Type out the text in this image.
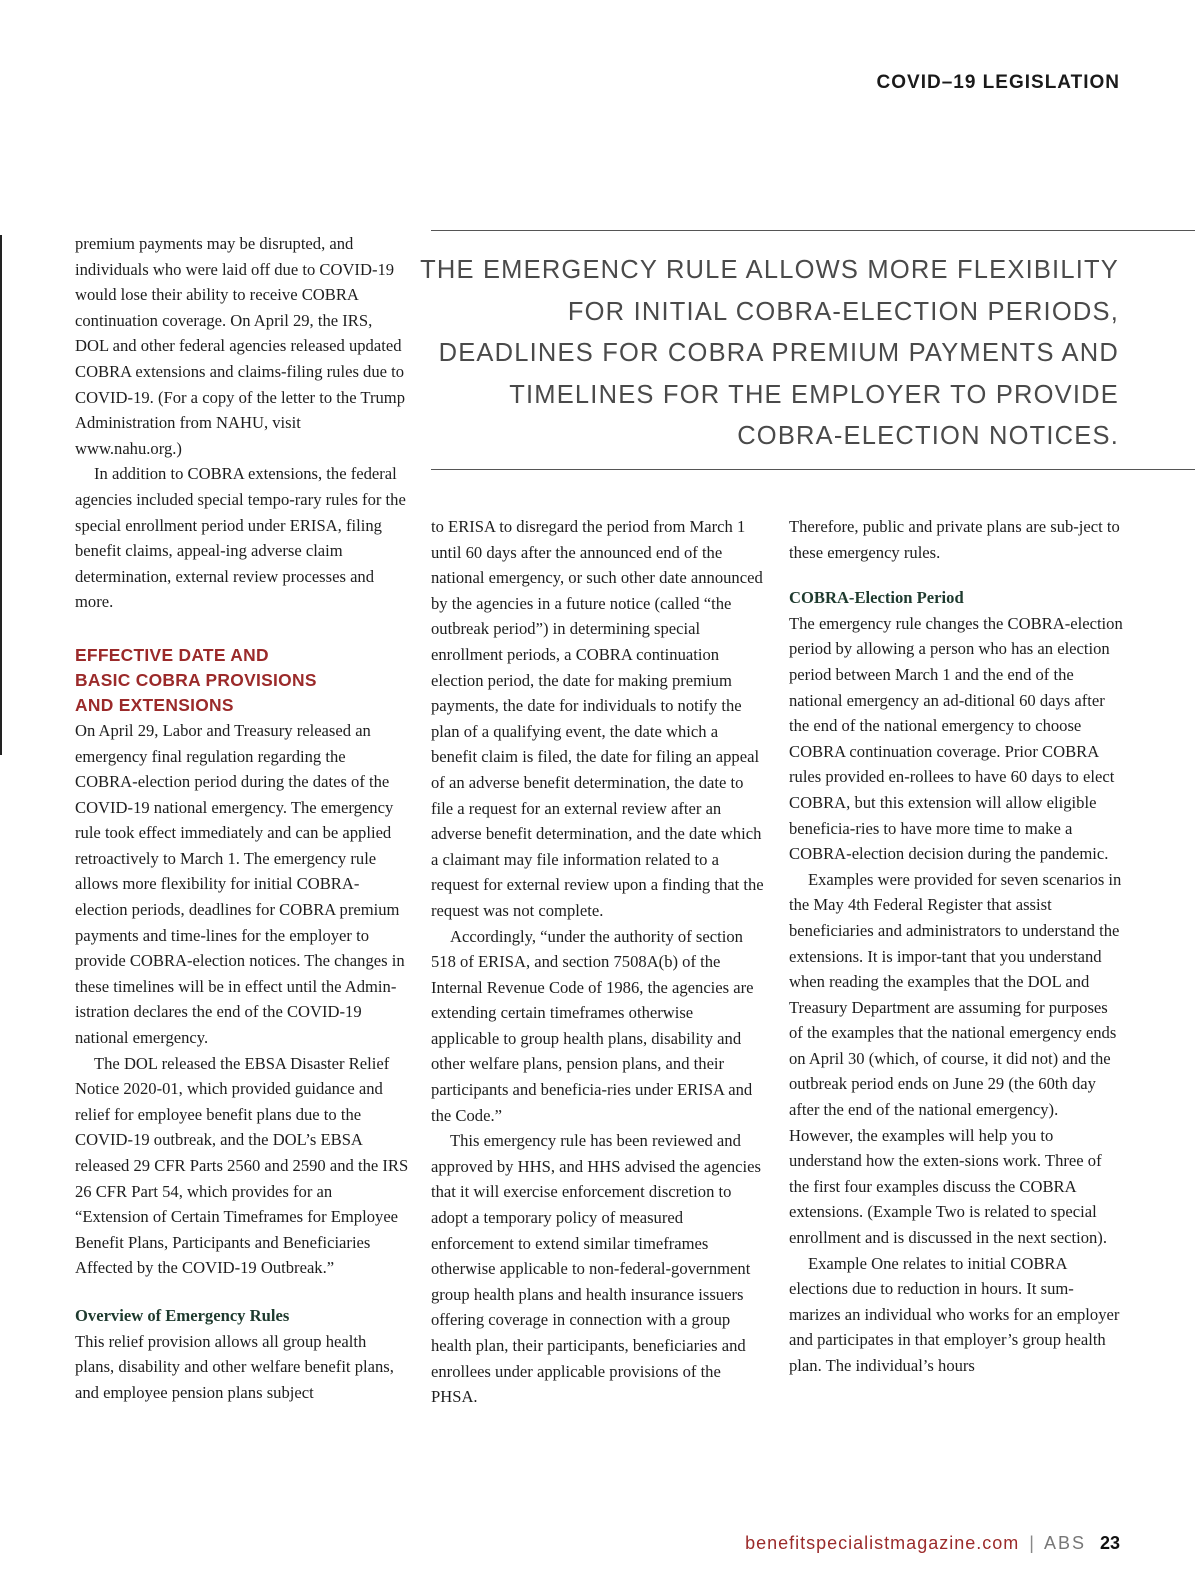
COVID–19 LEGISLATION

THE EMERGENCY RULE ALLOWS MORE FLEXIBILITY FOR INITIAL COBRA-ELECTION PERIODS, DEADLINES FOR COBRA PREMIUM PAYMENTS AND TIMELINES FOR THE EMPLOYER TO PROVIDE COBRA-ELECTION NOTICES.

premium payments may be disrupted, and individuals who were laid off due to COVID-19 would lose their ability to receive COBRA continuation coverage. On April 29, the IRS, DOL and other federal agencies released updated COBRA extensions and claims-filing rules due to COVID-19. (For a copy of the letter to the Trump Administration from NAHU, visit www.nahu.org.)

In addition to COBRA extensions, the federal agencies included special tempo-rary rules for the special enrollment period under ERISA, filing benefit claims, appeal-ing adverse claim determination, external review processes and more.

EFFECTIVE DATE AND
BASIC COBRA PROVISIONS
AND EXTENSIONS

On April 29, Labor and Treasury released an emergency final regulation regarding the COBRA-election period during the dates of the COVID-19 national emergency. The emergency rule took effect immediately and can be applied retroactively to March 1. The emergency rule allows more flexibility for initial COBRA-election periods, deadlines for COBRA premium payments and time-lines for the employer to provide COBRA-election notices. The changes in these timelines will be in effect until the Admin-istration declares the end of the COVID-19 national emergency.

The DOL released the EBSA Disaster Relief Notice 2020-01, which provided guidance and relief for employee benefit plans due to the COVID-19 outbreak, and the DOL’s EBSA released 29 CFR Parts 2560 and 2590 and the IRS 26 CFR Part 54, which provides for an “Extension of Certain Timeframes for Employee Benefit Plans, Participants and Beneficiaries Affected by the COVID-19 Outbreak.”

Overview of Emergency Rules

This relief provision allows all group health plans, disability and other welfare benefit plans, and employee pension plans subject

to ERISA to disregard the period from March 1 until 60 days after the announced end of the national emergency, or such other date announced by the agencies in a future notice (called “the outbreak period”) in determining special enrollment periods, a COBRA continuation election period, the date for making premium payments, the date for individuals to notify the plan of a qualifying event, the date which a benefit claim is filed, the date for filing an appeal of an adverse benefit determination, the date to file a request for an external review after an adverse benefit determination, and the date which a claimant may file information related to a request for external review upon a finding that the request was not complete.

Accordingly, “under the authority of section 518 of ERISA, and section 7508A(b) of the Internal Revenue Code of 1986, the agencies are extending certain timeframes otherwise applicable to group health plans, disability and other welfare plans, pension plans, and their participants and beneficia-ries under ERISA and the Code.”

This emergency rule has been reviewed and approved by HHS, and HHS advised the agencies that it will exercise enforcement discretion to adopt a temporary policy of measured enforcement to extend similar timeframes otherwise applicable to non-federal-government group health plans and health insurance issuers offering coverage in connection with a group health plan, their participants, beneficiaries and enrollees under applicable provisions of the PHSA.

Therefore, public and private plans are sub-ject to these emergency rules.

COBRA-Election Period

The emergency rule changes the COBRA-election period by allowing a person who has an election period between March 1 and the end of the national emergency an ad-ditional 60 days after the end of the national emergency to choose COBRA continuation coverage. Prior COBRA rules provided en-rollees to have 60 days to elect COBRA, but this extension will allow eligible beneficia-ries to have more time to make a COBRA-election decision during the pandemic.

Examples were provided for seven scenarios in the May 4th Federal Register that assist beneficiaries and administrators to understand the extensions. It is impor-tant that you understand when reading the examples that the DOL and Treasury Department are assuming for purposes of the examples that the national emergency ends on April 30 (which, of course, it did not) and the outbreak period ends on June 29 (the 60th day after the end of the national emergency). However, the examples will help you to understand how the exten-sions work. Three of the first four examples discuss the COBRA extensions. (Example Two is related to special enrollment and is discussed in the next section).

Example One relates to initial COBRA elections due to reduction in hours. It sum-marizes an individual who works for an employer and participates in that employer’s group health plan. The individual’s hours

benefitspecialistmagazine.com | ABS 23
